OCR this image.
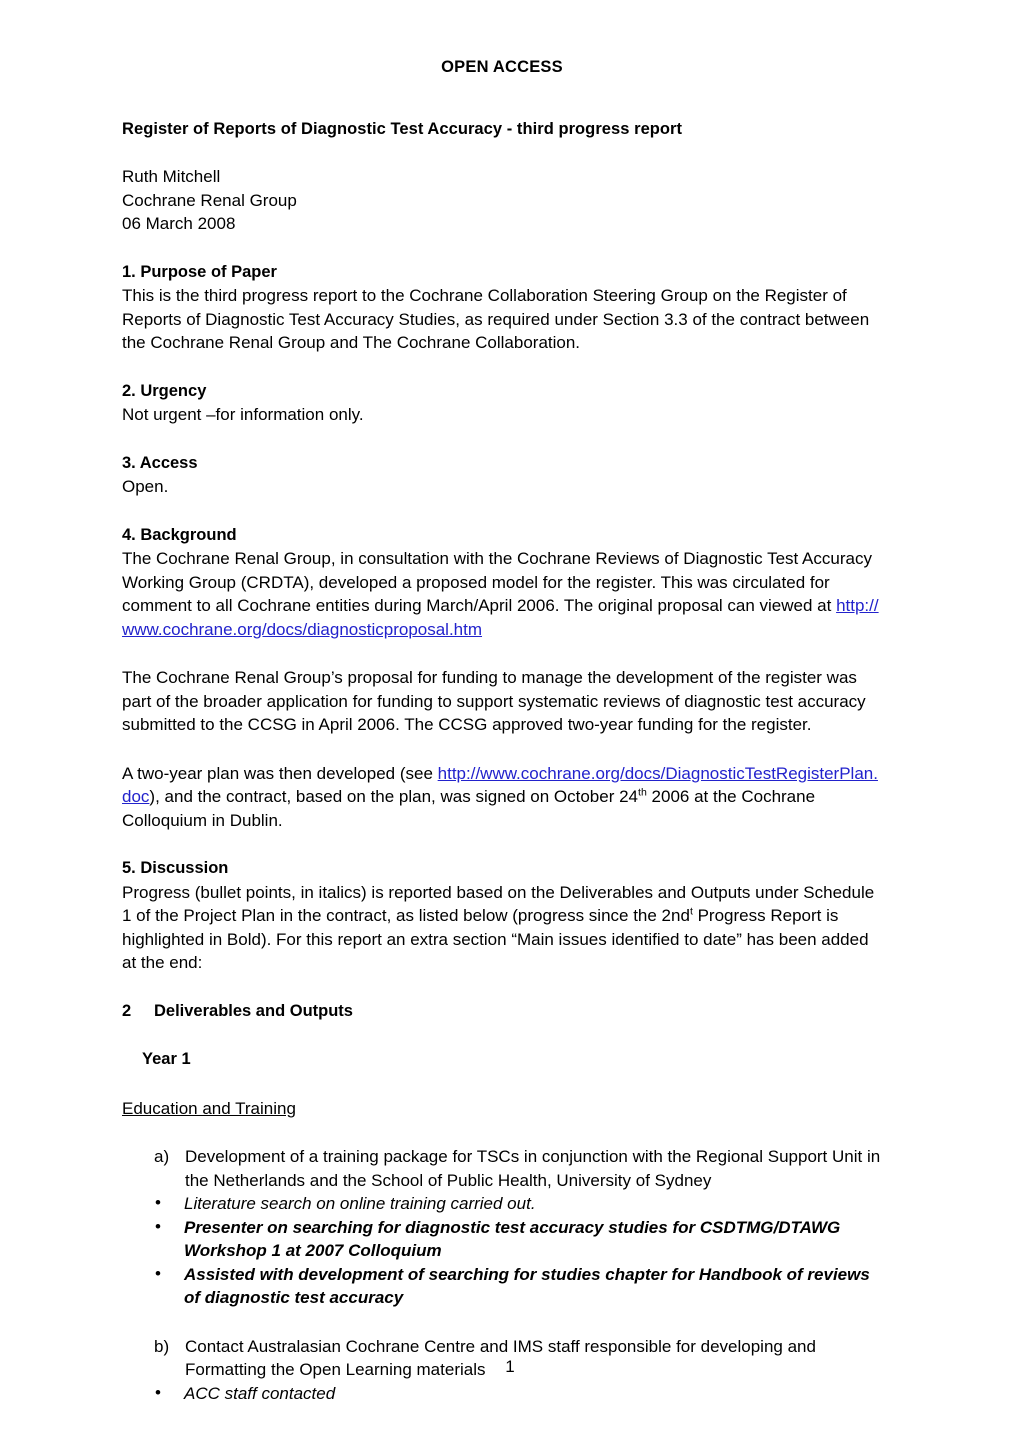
OPEN ACCESS
Register of Reports of Diagnostic Test Accuracy - third progress report
Ruth Mitchell
Cochrane Renal Group
06 March 2008
1. Purpose of Paper

This is the third progress report to the Cochrane Collaboration Steering Group on the Register of Reports of Diagnostic Test Accuracy Studies, as required under Section 3.3 of the contract between the Cochrane Renal Group and The Cochrane Collaboration.

2. Urgency

Not urgent –for information only.

3. Access

Open.

4. Background

The Cochrane Renal Group, in consultation with the Cochrane Reviews of Diagnostic Test Accuracy Working Group (CRDTA), developed a proposed model for the register. This was circulated for comment to all Cochrane entities during March/April 2006. The original proposal can viewed at http://www.cochrane.org/docs/diagnosticproposal.htm

The Cochrane Renal Group’s proposal for funding to manage the development of the register was part of the broader application for funding to support systematic reviews of diagnostic test accuracy submitted to the CCSG in April 2006. The CCSG approved two-year funding for the register.

A two-year plan was then developed (see http://www.cochrane.org/docs/DiagnosticTestRegisterPlan.doc), and the contract, based on the plan, was signed on October 24th 2006 at the Cochrane Colloquium in Dublin.

5. Discussion

Progress (bullet points, in italics) is reported based on the Deliverables and Outputs under Schedule 1 of the Project Plan in the contract, as listed below (progress since the $2nd^t$ Progress Report is highlighted in Bold). For this report an extra section “Main issues identified to date” has been added at the end:

2 Deliverables and Outputs
Year 1
Education and Training
a) Development of a training package for TSCs in conjunction with the Regional Support Unit in the Netherlands and the School of Public Health, University of Sydney
• Literature search on online training carried out.
• Presenter on searching for diagnostic test accuracy studies for CSDTMG/DTAWG Workshop 1 at 2007 Colloquium
• Assisted with development of searching for studies chapter for Handbook of reviews of diagnostic test accuracy
b) Contact Australasian Cochrane Centre and IMS staff responsible for developing and Formatting the Open Learning materials
• ACC staff contacted
1
